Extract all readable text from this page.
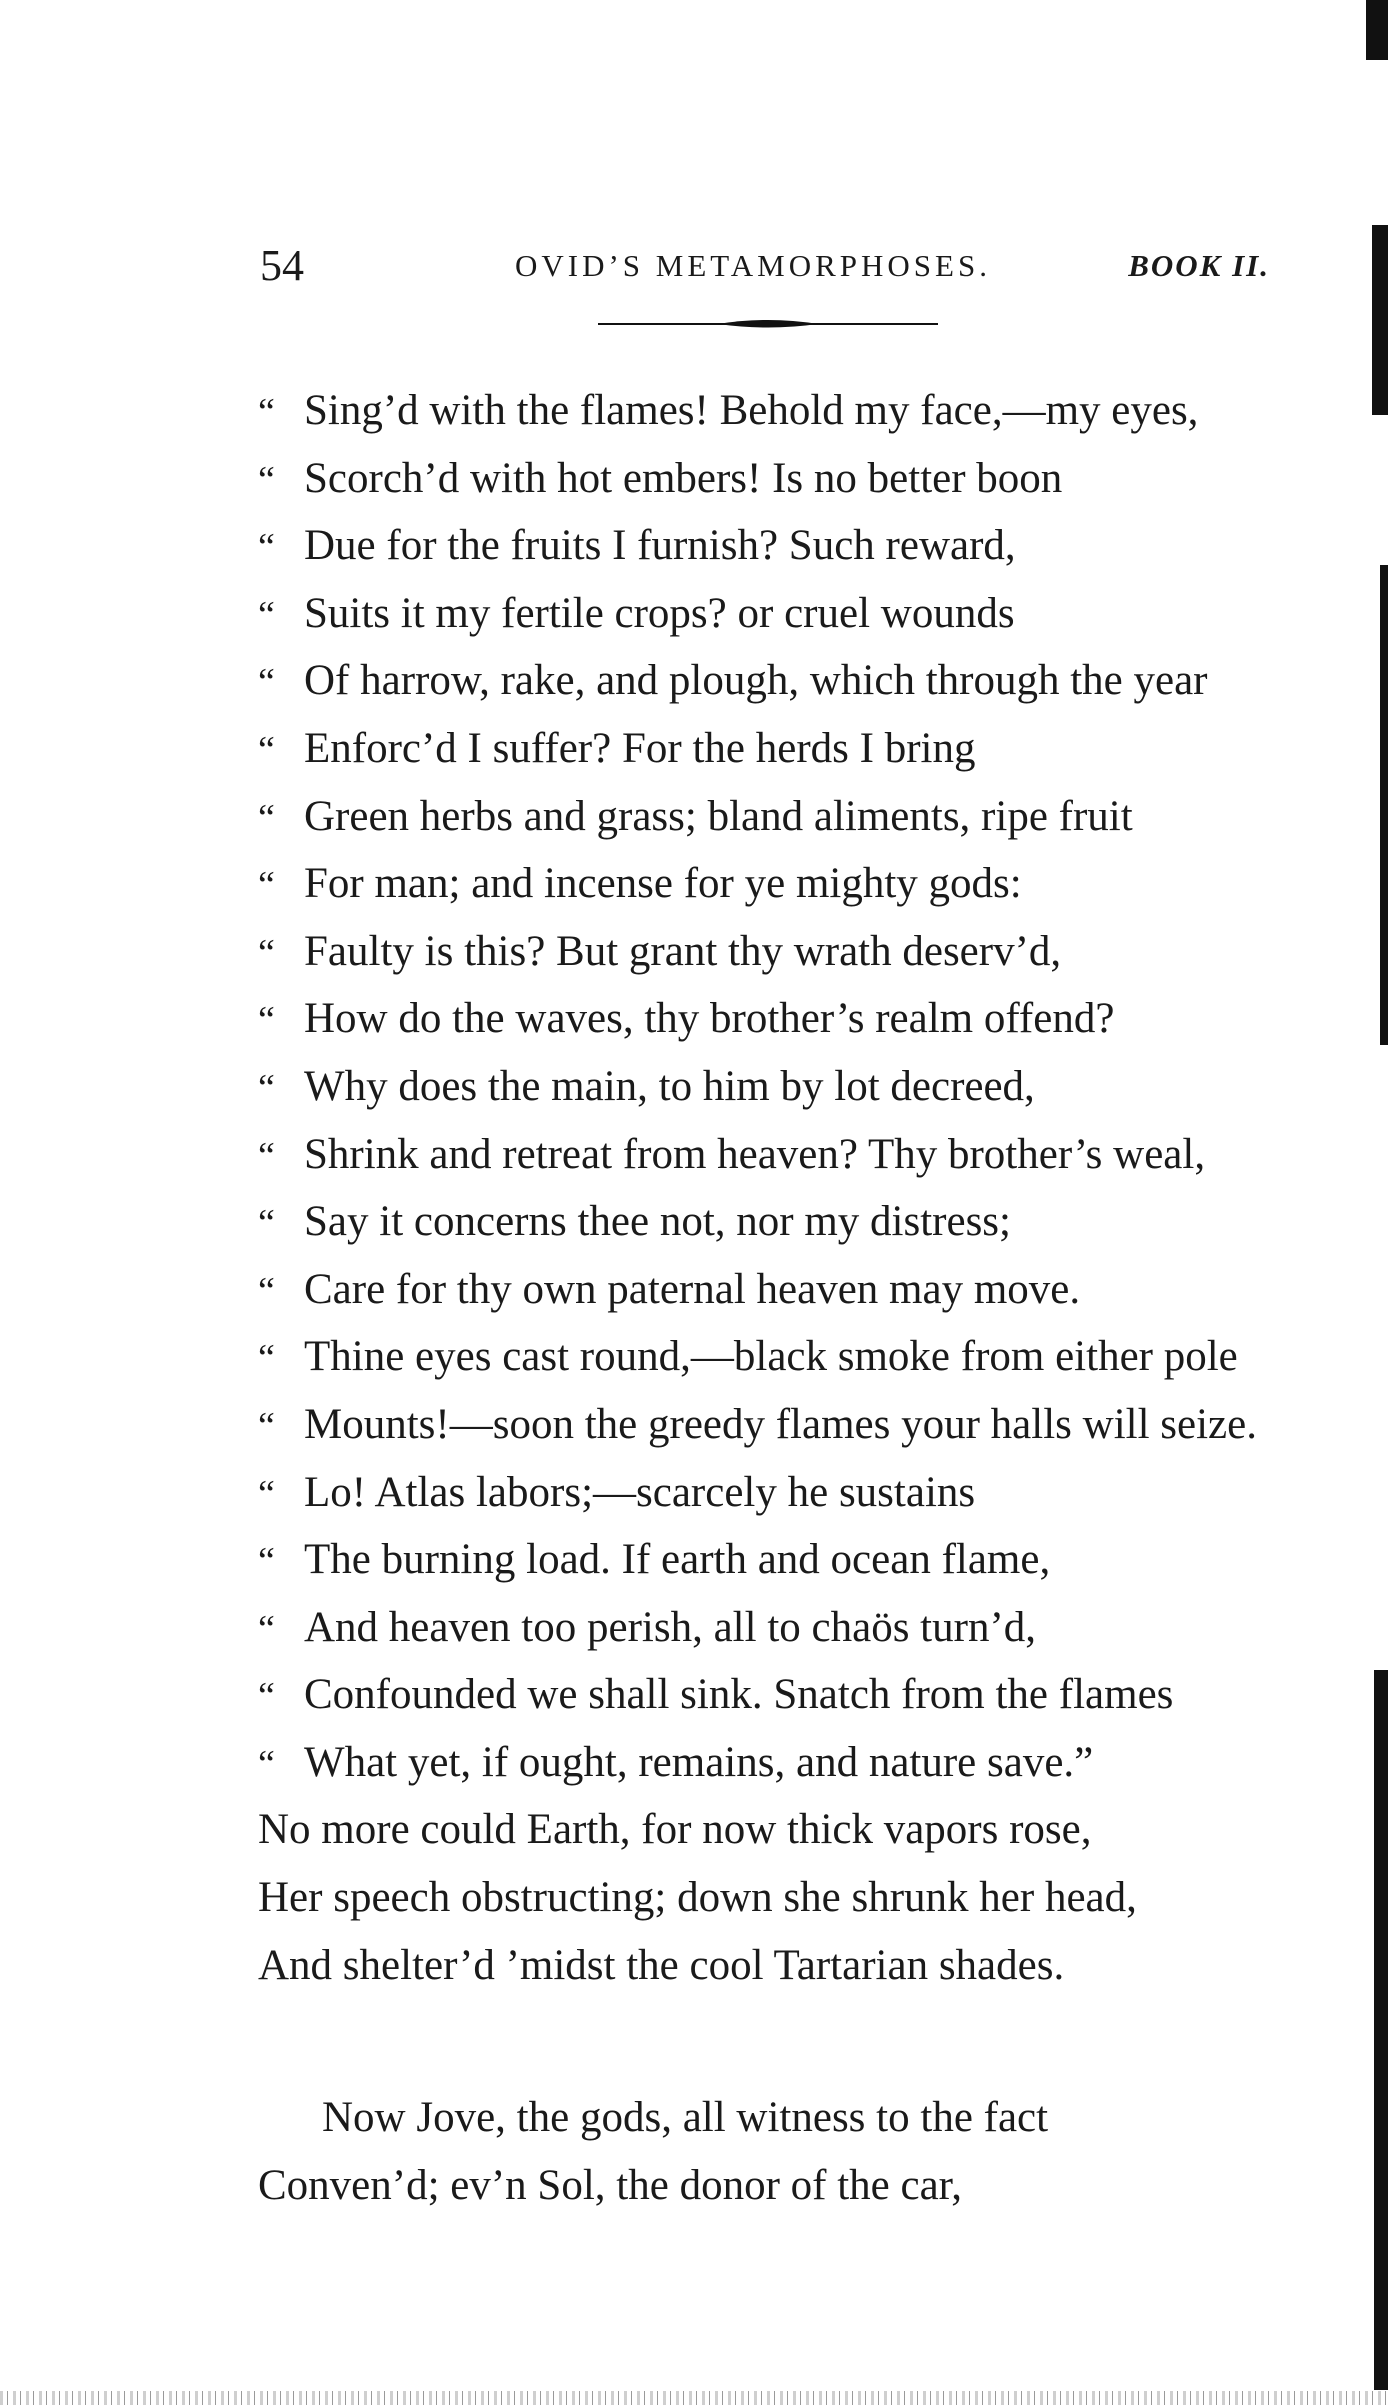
54	OVID’S METAMORPHOSES.	BOOK II.
“ Sing’d with the flames! Behold my face,—my eyes,
“ Scorch’d with hot embers! Is no better boon
“ Due for the fruits I furnish? Such reward,
“ Suits it my fertile crops? or cruel wounds
“ Of harrow, rake, and plough, which through the year
“ Enforc’d I suffer? For the herds I bring
“ Green herbs and grass; bland aliments, ripe fruit
“ For man; and incense for ye mighty gods:
“ Faulty is this? But grant thy wrath deserv’d,
“ How do the waves, thy brother’s realm offend?
“ Why does the main, to him by lot decreed,
“ Shrink and retreat from heaven? Thy brother’s weal,
“ Say it concerns thee not, nor my distress;
“ Care for thy own paternal heaven may move.
“ Thine eyes cast round,—black smoke from either pole
“ Mounts!—soon the greedy flames your halls will seize.
“ Lo! Atlas labors;—scarcely he sustains
“ The burning load. If earth and ocean flame,
“ And heaven too perish, all to chaös turn’d,
“ Confounded we shall sink. Snatch from the flames
“ What yet, if ought, remains, and nature save.”
No more could Earth, for now thick vapors rose,
Her speech obstructing; down she shrunk her head,
And shelter’d ’midst the cool Tartarian shades.
Now Jove, the gods, all witness to the fact
Conven’d; ev’n Sol, the donor of the car,
